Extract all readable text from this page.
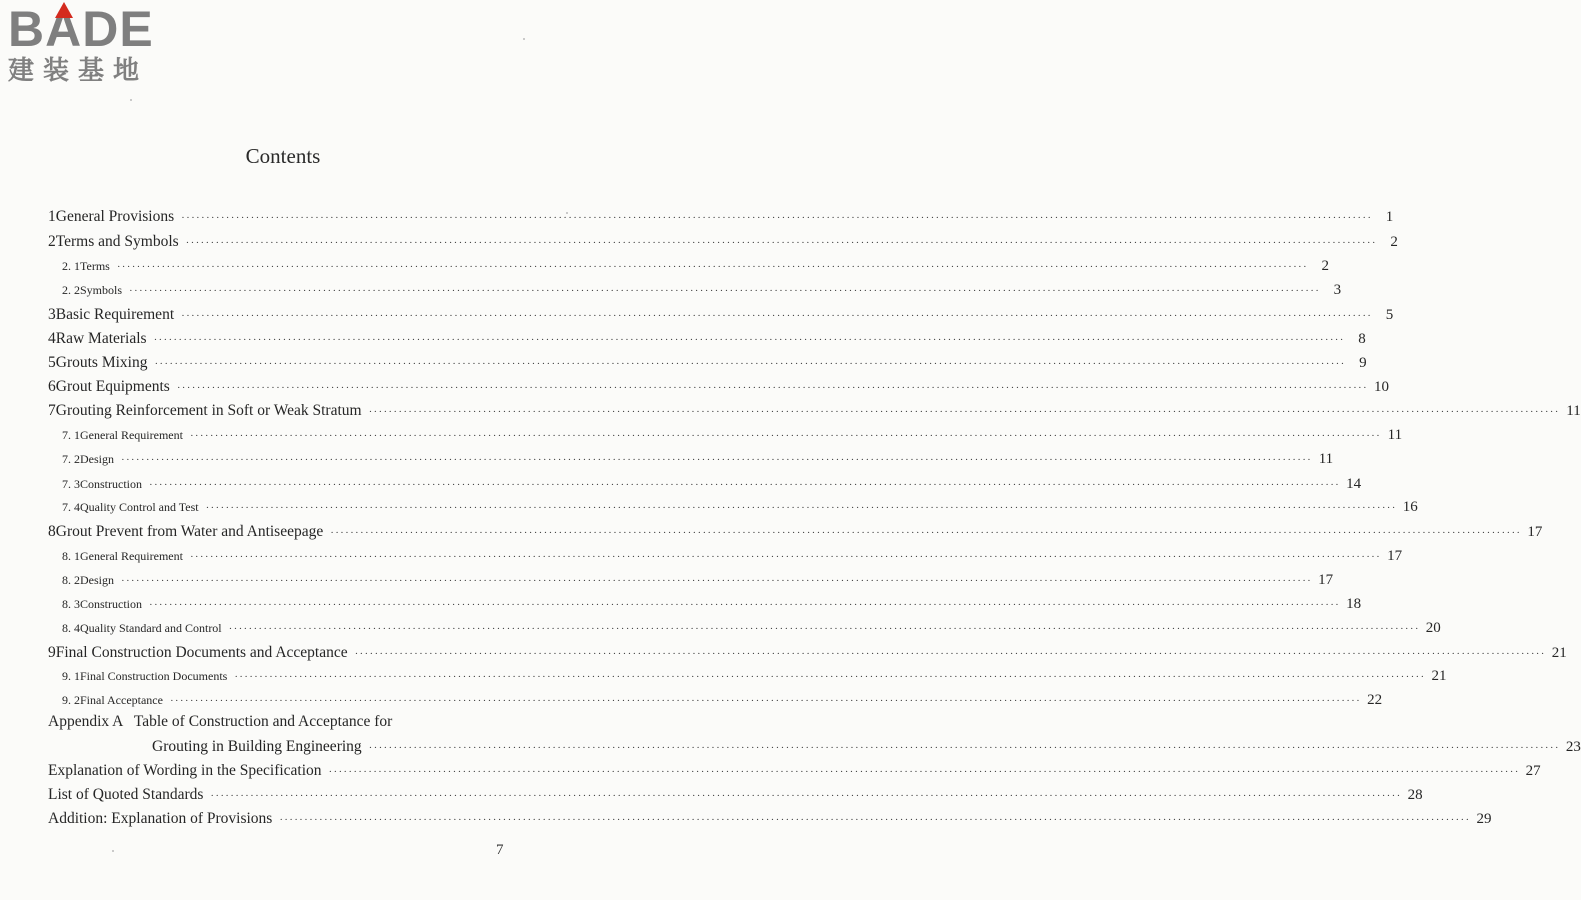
B
ADE
建装基地
Contents
1 General Provisions ················································································································································································································································ 1
2 Terms and Symbols ················································································································································································································································ 2
2. 1 Terms ················································································································································································································································ 2
2. 2 Symbols ················································································································································································································································ 3
3 Basic Requirement ················································································································································································································································ 5
4 Raw Materials ················································································································································································································································ 8
5 Grouts Mixing ················································································································································································································································ 9
6 Grout Equipments ················································································································································································································································ 10
7 Grouting Reinforcement in Soft or Weak Stratum ················································································································································································································································ 11
7. 1 General Requirement ················································································································································································································································ 11
7. 2 Design ················································································································································································································································ 11
7. 3 Construction ················································································································································································································································ 14
7. 4 Quality Control and Test ················································································································································································································································ 16
8 Grout Prevent from Water and Antiseepage ················································································································································································································································ 17
8. 1 General Requirement ················································································································································································································································ 17
8. 2 Design ················································································································································································································································ 17
8. 3 Construction ················································································································································································································································ 18
8. 4 Quality Standard and Control ················································································································································································································································ 20
9 Final Construction Documents and Acceptance ················································································································································································································································ 21
9. 1 Final Construction Documents ················································································································································································································································ 21
9. 2 Final Acceptance ················································································································································································································································ 22
Appendix A   Table of Construction and Acceptance for
Explanation of Wording in the Specification ················································································································································································································································ 27
List of Quoted Standards ················································································································································································································································ 28
Addition: Explanation of Provisions ················································································································································································································································ 29
Grouting in Building Engineering ················································································································································································································································ 23
7
